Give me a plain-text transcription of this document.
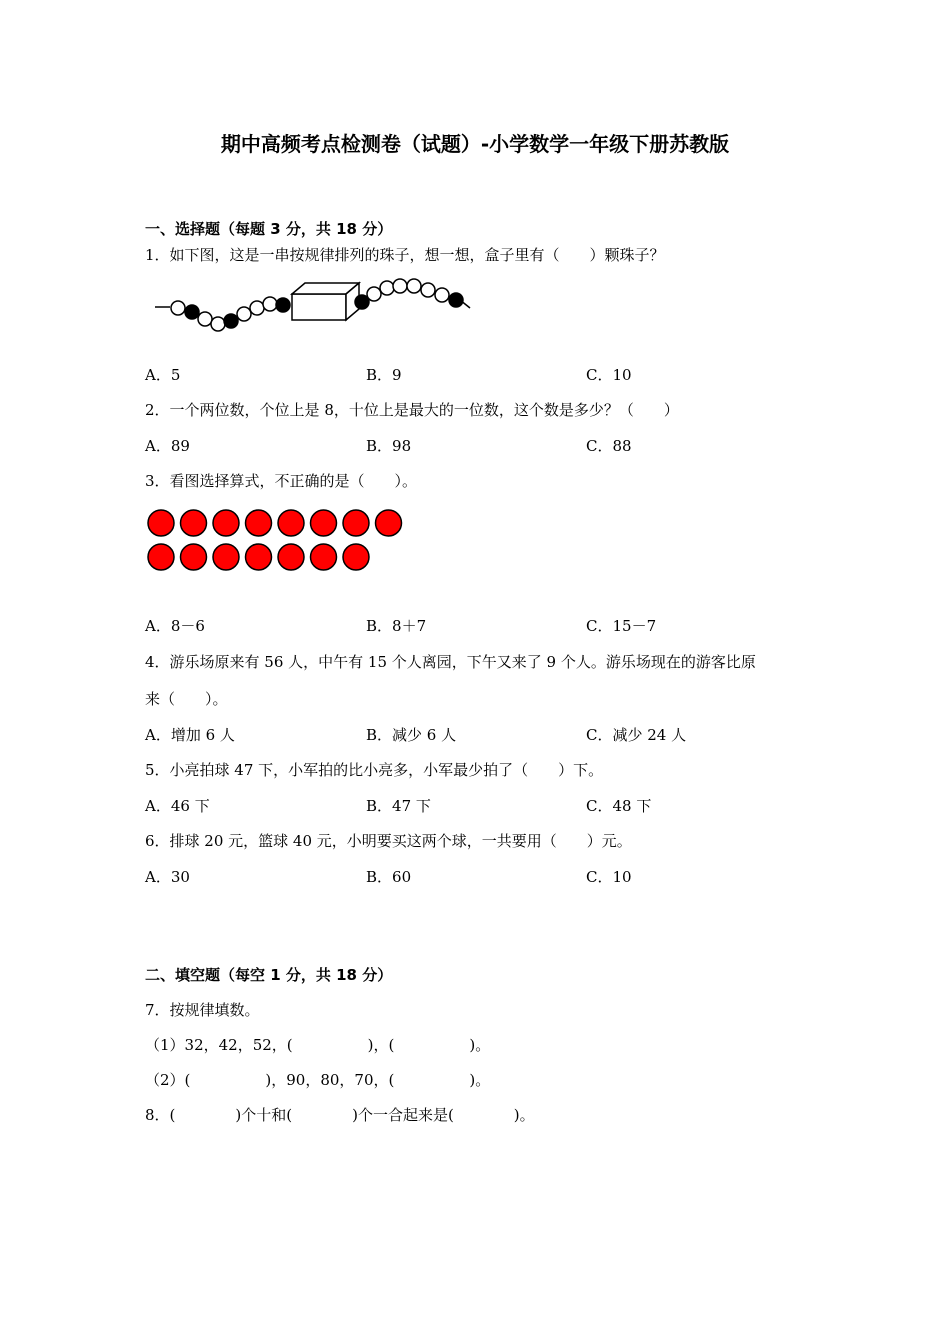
期中高频考点检测卷（试题）-小学数学一年级下册苏教版
一、选择题（每题 3 分，共 18 分）
1．如下图，这是一串按规律排列的珠子，想一想，盒子里有（　　）颗珠子？
A．5	B．9	C．10
2．一个两位数，个位上是 8，十位上是最大的一位数，这个数是多少？（　　）
A．89	B．98	C．88
3．看图选择算式，不正确的是（　　）。
A．8－6	B．8＋7	C．15－7
4．游乐场原来有 56 人，中午有 15 个人离园，下午又来了 9 个人。游乐场现在的游客比原
来（　　）。
A．增加 6 人	B．减少 6 人	C．减少 24 人
5．小亮拍球 47 下，小军拍的比小亮多，小军最少拍了（　　）下。
A．46 下	B．47 下	C．48 下
6．排球 20 元，篮球 40 元，小明要买这两个球，一共要用（　　）元。
A．30	B．60	C．10
二、填空题（每空 1 分，共 18 分）
7．按规律填数。
（1）32，42，52，(　　　　　)，(　　　　　)。
（2）(　　　　　)，90，80，70，(　　　　　)。
8．(　　　　)个十和(　　　　)个一合起来是(　　　　)。
